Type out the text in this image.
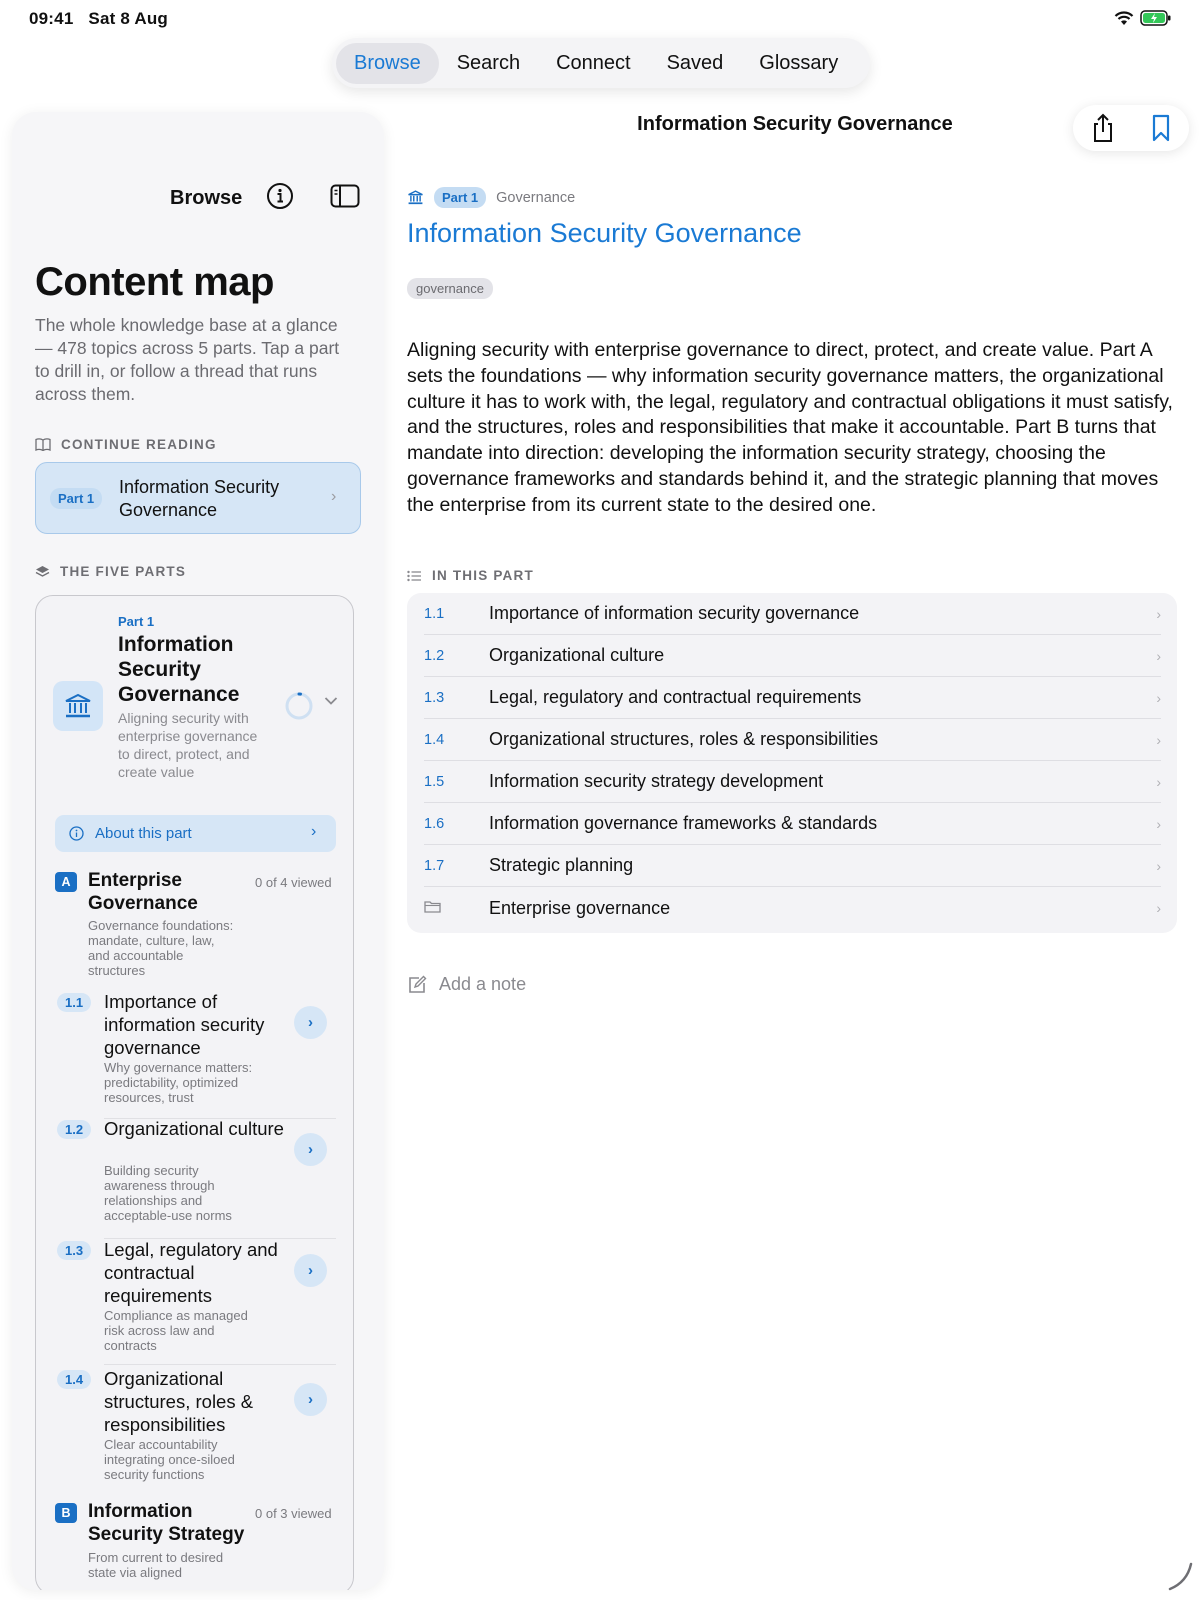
09:41 Sat 8 Aug
Browse	Search	Connect	Saved	Glossary
Browse
Content map
The whole knowledge base at a glance — 478 topics across 5 parts. Tap a part to drill in, or follow a thread that runs across them.
CONTINUE READING
Part 1
Information Security Governance
›
THE FIVE PARTS
Part 1
Information Security Governance
Aligning security with enterprise governance to direct, protect, and create value
About this part	›
A Enterprise Governance
0 of 4 viewed
Governance foundations: mandate, culture, law, and accountable structures
1.1	Importance of information security governance
Why governance matters: predictability, optimized resources, trust
›
1.2	Organizational culture
Building security awareness through relationships and acceptable-use norms
›
1.3	Legal, regulatory and contractual requirements
Compliance as managed risk across law and contracts
›
1.4	Organizational structures, roles & responsibilities
Clear accountability integrating once-siloed security functions
›
B Information Security Strategy
0 of 3 viewed
From current to desired state via aligned
Information Security Governance
Part 1	Governance
Information Security Governance
governance
Aligning security with enterprise governance to direct, protect, and create value. Part A sets the foundations — why information security governance matters, the organizational culture it has to work with, the legal, regulatory and contractual obligations it must satisfy, and the structures, roles and responsibilities that make it accountable. Part B turns that mandate into direction: developing the information security strategy, choosing the governance frameworks and standards behind it, and the strategic planning that moves the enterprise from its current state to the desired one.
IN THIS PART
1.1	Importance of information security governance	›
1.2	Organizational culture	›
1.3	Legal, regulatory and contractual requirements	›
1.4	Organizational structures, roles & responsibilities	›
1.5	Information security strategy development	›
1.6	Information governance frameworks & standards	›
1.7	Strategic planning	›
Enterprise governance	›
Add a note
